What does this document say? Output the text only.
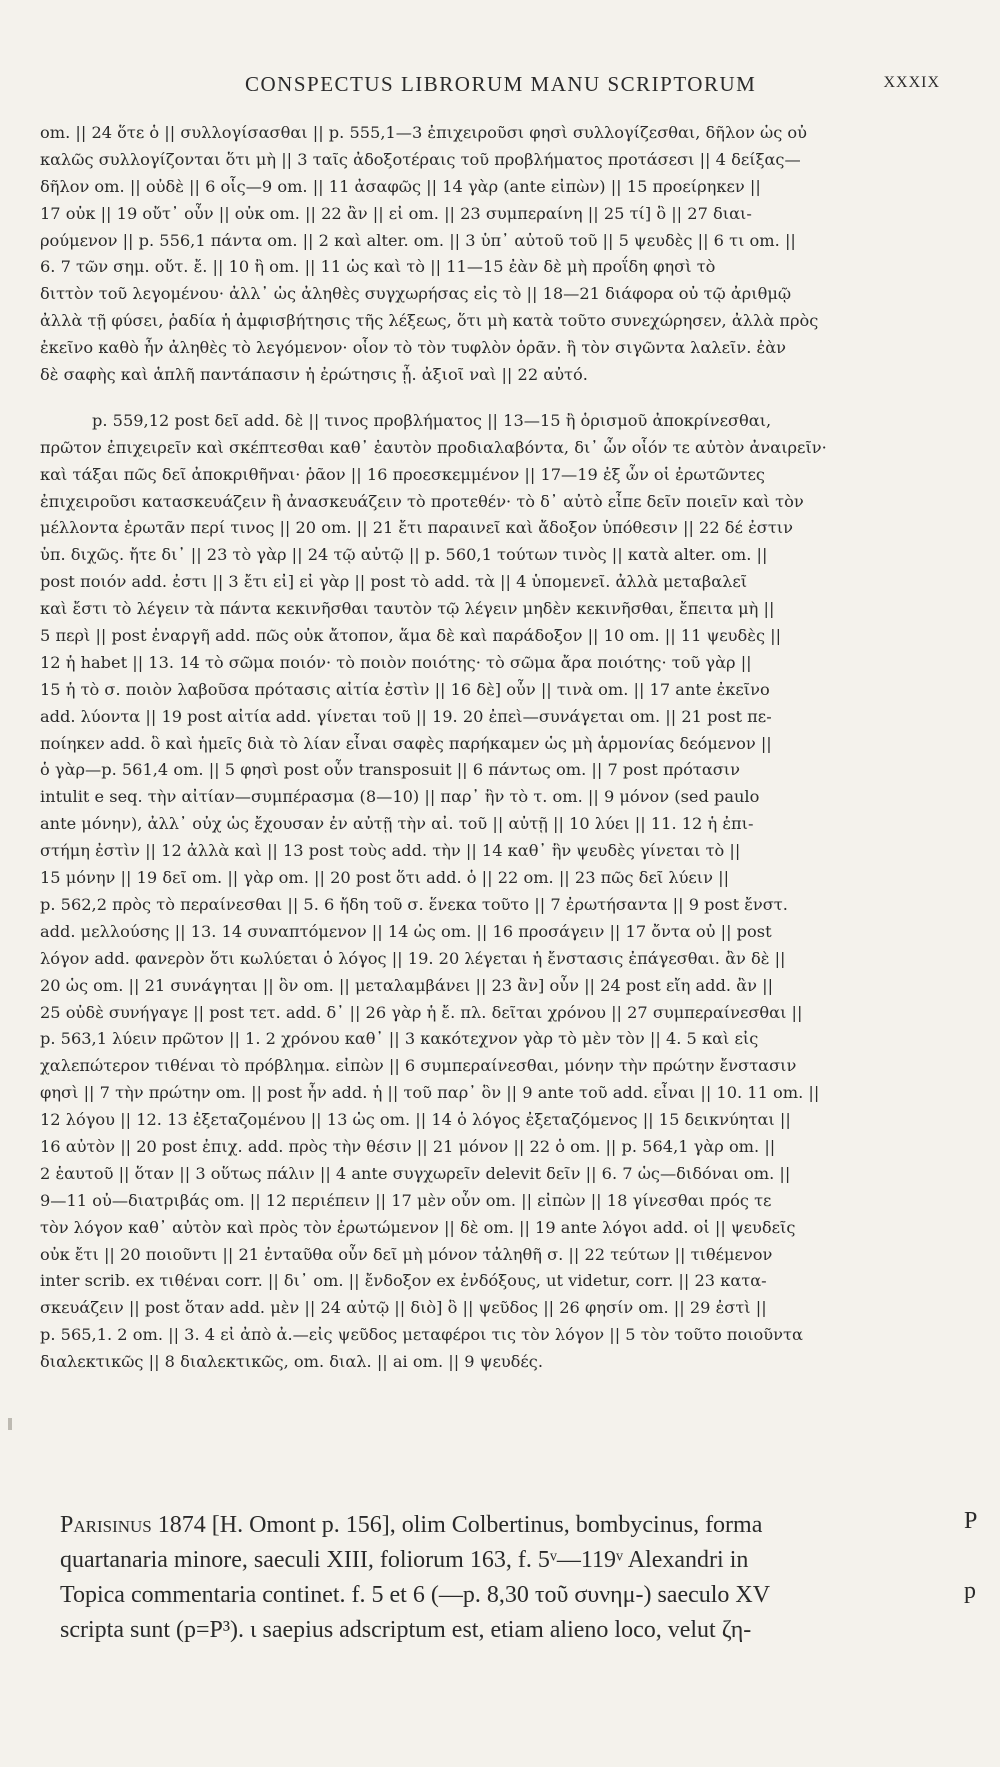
CONSPECTUS LIBRORUM MANU SCRIPTORUM	XXXIX
om. || 24 ὅτε ὁ || συλλογίσασθαι || p. 555,1—3 ἐπιχειροῦσι φησὶ συλλογίζεσθαι, δῆλον ὡς οὐ
καλῶς συλλογίζονται ὅτι μὴ || 3 ταῖς ἀδοξοτέραις τοῦ προβλήματος προτάσεσι || 4 δείξας—
δῆλον om. || οὐδὲ || 6 οἷς—9 om. || 11 ἀσαφῶς || 14 γὰρ (ante εἰπὼν) || 15 προείρηκεν ||
17 οὐκ || 19 οὔτ᾽ οὖν || οὐκ om. || 22 ἂν || εἰ om. || 23 συμπεραίνη || 25 τί] ὃ || 27 διαι-
ρούμενον || p. 556,1 πάντα om. || 2 καὶ alter. om. || 3 ὑπ᾽ αὐτοῦ τοῦ || 5 ψευδὲς || 6 τι om. ||
6. 7 τῶν σημ. οὔτ. ἔ. || 10 ἢ om. || 11 ὡς καὶ τὸ || 11—15 ἐὰν δὲ μὴ προΐδη φησὶ τὸ
διττὸν τοῦ λεγομένου· ἀλλ᾽ ὡς ἀληθὲς συγχωρήσας εἰς τὸ || 18—21 διάφορα οὐ τῷ ἀριθμῷ
ἀλλὰ τῇ φύσει, ῥαδία ἡ ἀμφισβήτησις τῆς λέξεως, ὅτι μὴ κατὰ τοῦτο συνεχώρησεν, ἀλλὰ πρὸς
ἐκεῖνο καθὸ ἦν ἀληθὲς τὸ λεγόμενον· οἷον τὸ τὸν τυφλὸν ὁρᾶν. ἢ τὸν σιγῶντα λαλεῖν. ἐὰν
δὲ σαφὴς καὶ ἁπλῆ παντάπασιν ἡ ἐρώτησις ᾖ. ἀξιοῖ ναὶ || 22 αὐτό.
p. 559,12 post δεῖ add. δὲ || τινος προβλήματος || 13—15 ἢ ὁρισμοῦ ἀποκρίνεσθαι,
πρῶτον ἐπιχειρεῖν καὶ σκέπτεσθαι καθ᾽ ἑαυτὸν προδιαλαβόντα, δι᾽ ὧν οἷόν τε αὐτὸν ἀναιρεῖν·
καὶ τάξαι πῶς δεῖ ἀποκριθῆναι· ῥᾶον || 16 προεσκεμμένον || 17—19 ἐξ ὧν οἱ ἐρωτῶντες
ἐπιχειροῦσι κατασκευάζειν ἢ ἀνασκευάζειν τὸ προτεθέν· τὸ δ᾽ αὐτὸ εἶπε δεῖν ποιεῖν καὶ τὸν
μέλλοντα ἐρωτᾶν περί τινος || 20 om. || 21 ἔτι παραινεῖ καὶ ἄδοξον ὑπόθεσιν || 22 δέ ἐστιν
ὑπ. διχῶς. ἤτε δι᾽ || 23 τὸ γὰρ || 24 τῷ αὐτῷ || p. 560,1 τούτων τινὸς || κατὰ alter. om. ||
post ποιόν add. ἐστι || 3 ἔτι εἰ] εἰ γὰρ || post τὸ add. τὰ || 4 ὑπομενεῖ. ἀλλὰ μεταβαλεῖ
καὶ ἔστι τὸ λέγειν τὰ πάντα κεκινῆσθαι ταυτὸν τῷ λέγειν μηδὲν κεκινῆσθαι, ἔπειτα μὴ ||
5 περὶ || post ἐναργῆ add. πῶς οὐκ ἄτοπον, ἅμα δὲ καὶ παράδοξον || 10 om. || 11 ψευδὲς ||
12 ἡ habet || 13. 14 τὸ σῶμα ποιόν· τὸ ποιὸν ποιότης· τὸ σῶμα ἄρα ποιότης· τοῦ γὰρ ||
15 ἡ τὸ σ. ποιὸν λαβοῦσα πρότασις αἰτία ἐστὶν || 16 δὲ] οὖν || τινὰ om. || 17 ante ἐκεῖνο
add. λύοντα || 19 post αἰτία add. γίνεται τοῦ || 19. 20 ἐπεὶ—συνάγεται om. || 21 post πε-
ποίηκεν add. ὃ καὶ ἡμεῖς διὰ τὸ λίαν εἶναι σαφὲς παρήκαμεν ὡς μὴ ἁρμονίας δεόμενον ||
ὁ γὰρ—p. 561,4 om. || 5 φησὶ post οὖν transposuit || 6 πάντως om. || 7 post πρότασιν
intulit e seq. τὴν αἰτίαν—συμπέρασμα (8—10) || παρ᾽ ἣν τὸ τ. om. || 9 μόνον (sed paulo
ante μόνην), ἀλλ᾽ οὐχ ὡς ἔχουσαν ἐν αὐτῇ τὴν αἰ. τοῦ || αὐτῇ || 10 λύει || 11. 12 ἡ ἐπι-
στήμη ἐστὶν || 12 ἀλλὰ καὶ || 13 post τοὺς add. τὴν || 14 καθ᾽ ἣν ψευδὲς γίνεται τὸ ||
15 μόνην || 19 δεῖ om. || γὰρ om. || 20 post ὅτι add. ὁ || 22 om. || 23 πῶς δεῖ λύειν ||
p. 562,2 πρὸς τὸ περαίνεσθαι || 5. 6 ἤδη τοῦ σ. ἕνεκα τοῦτο || 7 ἐρωτήσαντα || 9 post ἔνστ.
add. μελλούσης || 13. 14 συναπτόμενον || 14 ὡς om. || 16 προσάγειν || 17 ὄντα οὐ || post
λόγον add. φανερὸν ὅτι κωλύεται ὁ λόγος || 19. 20 λέγεται ἡ ἔνστασις ἐπάγεσθαι. ἂν δὲ ||
20 ὡς om. || 21 συνάγηται || ὃν om. || μεταλαμβάνει || 23 ἂν] οὖν || 24 post εἴη add. ἂν ||
25 οὐδὲ συνήγαγε || post τετ. add. δ᾽ || 26 γὰρ ἡ ἔ. πλ. δεῖται χρόνου || 27 συμπεραίνεσθαι ||
p. 563,1 λύειν πρῶτον || 1. 2 χρόνου καθ᾽ || 3 κακότεχνον γὰρ τὸ μὲν τὸν || 4. 5 καὶ εἰς
χαλεπώτερον τιθέναι τὸ πρόβλημα. εἰπὼν || 6 συμπεραίνεσθαι, μόνην τὴν πρώτην ἔνστασιν
φησὶ || 7 τὴν πρώτην om. || post ἦν add. ἡ || τοῦ παρ᾽ ὃν || 9 ante τοῦ add. εἶναι || 10. 11 om. ||
12 λόγου || 12. 13 ἐξεταζομένου || 13 ὡς om. || 14 ὁ λόγος ἐξεταζόμενος || 15 δεικνύηται ||
16 αὐτὸν || 20 post ἐπιχ. add. πρὸς τὴν θέσιν || 21 μόνον || 22 ὁ om. || p. 564,1 γὰρ om. ||
2 ἑαυτοῦ || ὅταν || 3 οὕτως πάλιν || 4 ante συγχωρεῖν delevit δεῖν || 6. 7 ὡς—διδόναι om. ||
9—11 οὐ—διατριβάς om. || 12 περιέπειν || 17 μὲν οὖν om. || εἰπὼν || 18 γίνεσθαι πρός τε
τὸν λόγον καθ᾽ αὐτὸν καὶ πρὸς τὸν ἐρωτώμενον || δὲ om. || 19 ante λόγοι add. οἱ || ψευδεῖς
οὐκ ἔτι || 20 ποιοῦντι || 21 ἐνταῦθα οὖν δεῖ μὴ μόνον τἀληθῆ σ. || 22 τεύτων || τιθέμενον
inter scrib. ex τιθέναι corr. || δι᾽ om. || ἔνδοξον ex ἐνδόξους, ut videtur, corr. || 23 κατα-
σκευάζειν || post ὅταν add. μὲν || 24 αὐτῷ || διὸ] ὃ || ψεῦδος || 26 φησίν om. || 29 ἐστὶ ||
p. 565,1. 2 om. || 3. 4 εἰ ἀπὸ ἀ.—εἰς ψεῦδος μεταφέροι τις τὸν λόγον || 5 τὸν τοῦτο ποιοῦντα
διαλεκτικῶς || 8 διαλεκτικῶς, om. διαλ. || ai om. || 9 ψευδές.
Parisinus 1874 [H. Omont p. 156], olim Colbertinus, bombycinus, forma
quartanaria minore, saeculi XIII, foliorum 163, f. 5ᵛ—119ᵛ Alexandri in
Topica commentaria continet. f. 5 et 6 (—p. 8,30 τοῦ συνημ-) saeculo XV
scripta sunt (p=P³). ι saepius adscriptum est, etiam alieno loco, velut ζη-
P
p
